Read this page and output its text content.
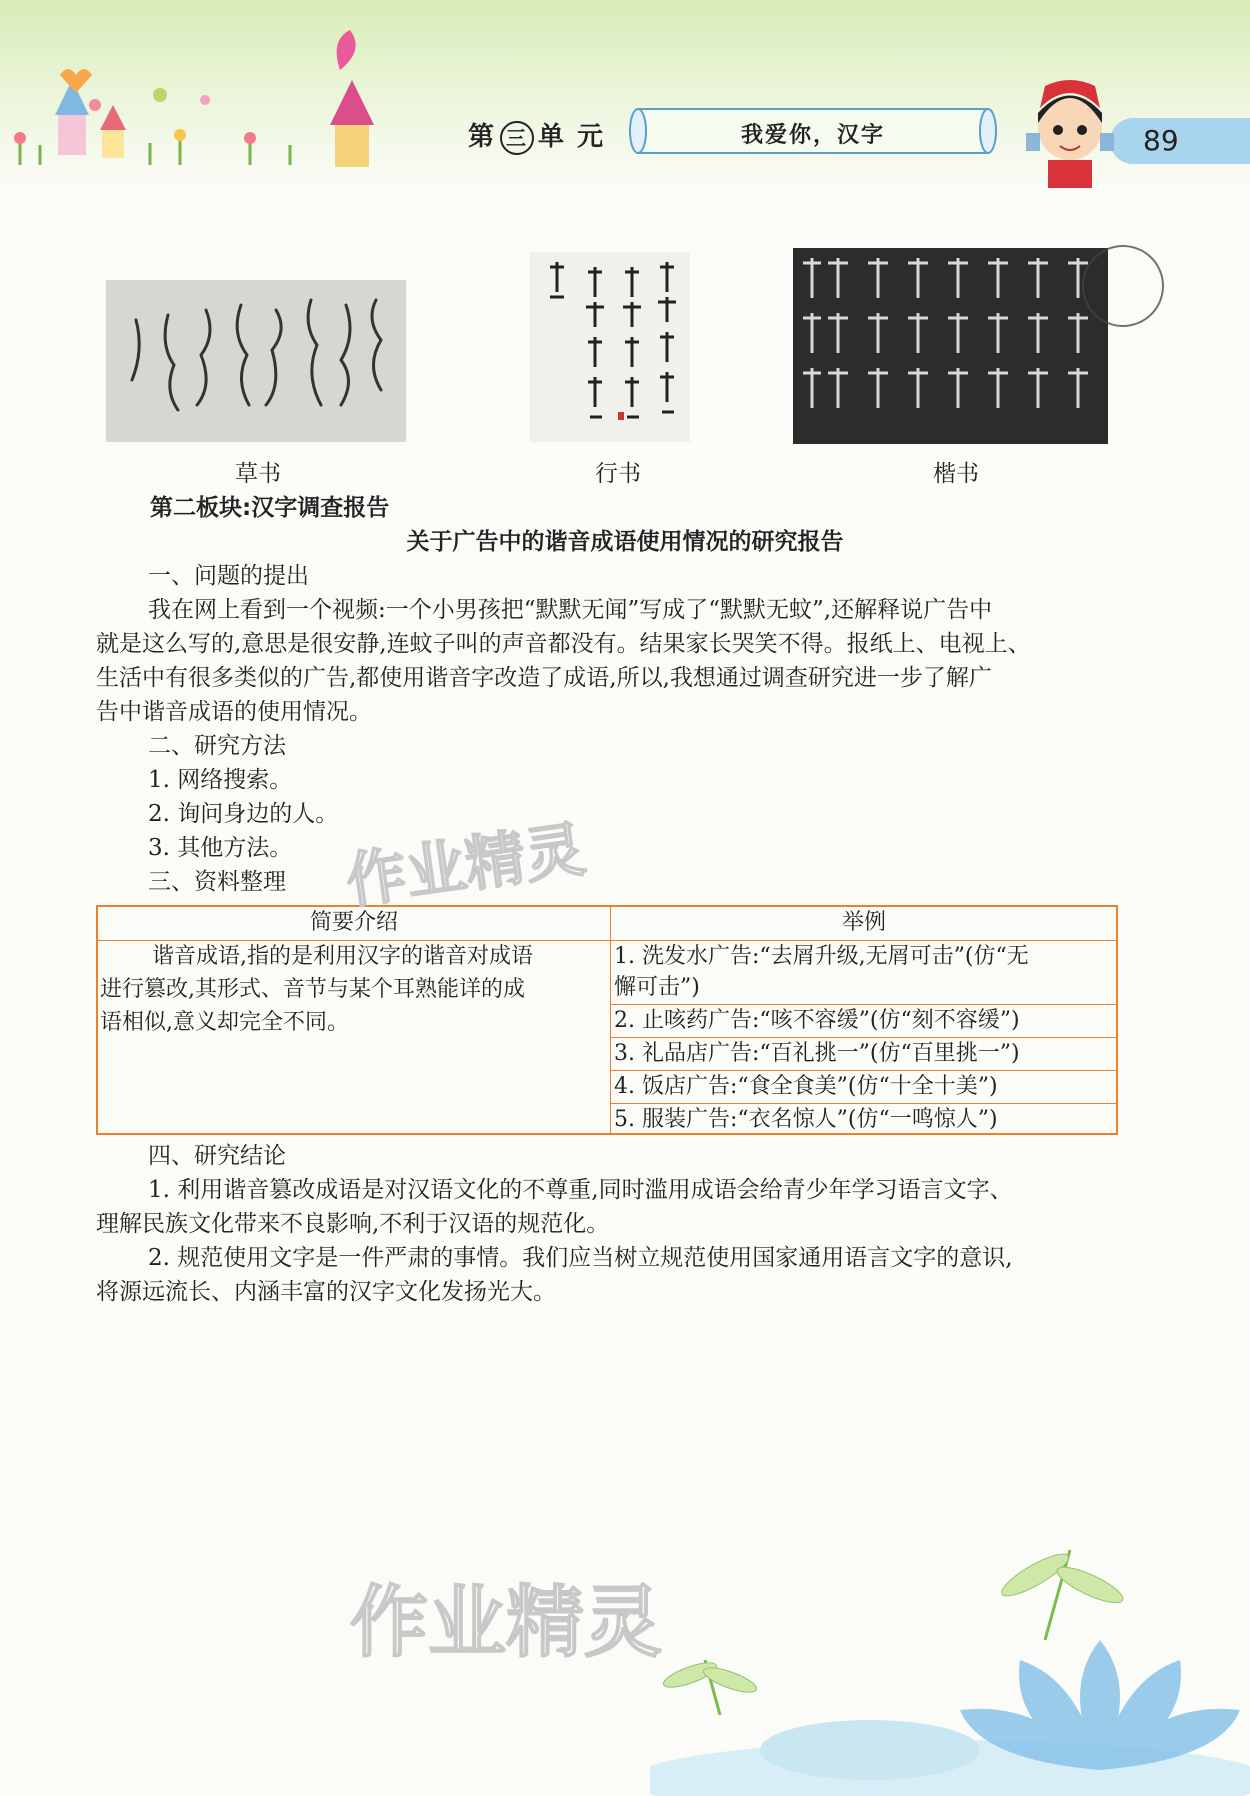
第 三 单 元	我爱你，汉字	89
草书	行书	楷书
第二板块:汉字调查报告
关于广告中的谐音成语使用情况的研究报告
一、问题的提出
我在网上看到一个视频:一个小男孩把“默默无闻”写成了“默默无蚊”,还解释说广告中
就是这么写的,意思是很安静,连蚊子叫的声音都没有。结果家长哭笑不得。报纸上、电视上、
生活中有很多类似的广告,都使用谐音字改造了成语,所以,我想通过调查研究进一步了解广
告中谐音成语的使用情况。
二、研究方法
1. 网络搜索。
2. 询问身边的人。
3. 其他方法。
三、资料整理
简要介绍	举例
谐音成语,指的是利用汉字的谐音对成语
进行篡改,其形式、音节与某个耳熟能详的成
语相似,意义却完全不同。
1. 洗发水广告:“去屑升级,无屑可击”(仿“无
懈可击”)
2. 止咳药广告:“咳不容缓”(仿“刻不容缓”)
3. 礼品店广告:“百礼挑一”(仿“百里挑一”)
4. 饭店广告:“食全食美”(仿“十全十美”)
5. 服装广告:“衣名惊人”(仿“一鸣惊人”)
四、研究结论
1. 利用谐音篡改成语是对汉语文化的不尊重,同时滥用成语会给青少年学习语言文字、
理解民族文化带来不良影响,不利于汉语的规范化。
2. 规范使用文字是一件严肃的事情。我们应当树立规范使用国家通用语言文字的意识,
将源远流长、内涵丰富的汉字文化发扬光大。
作业精灵
作业精灵
